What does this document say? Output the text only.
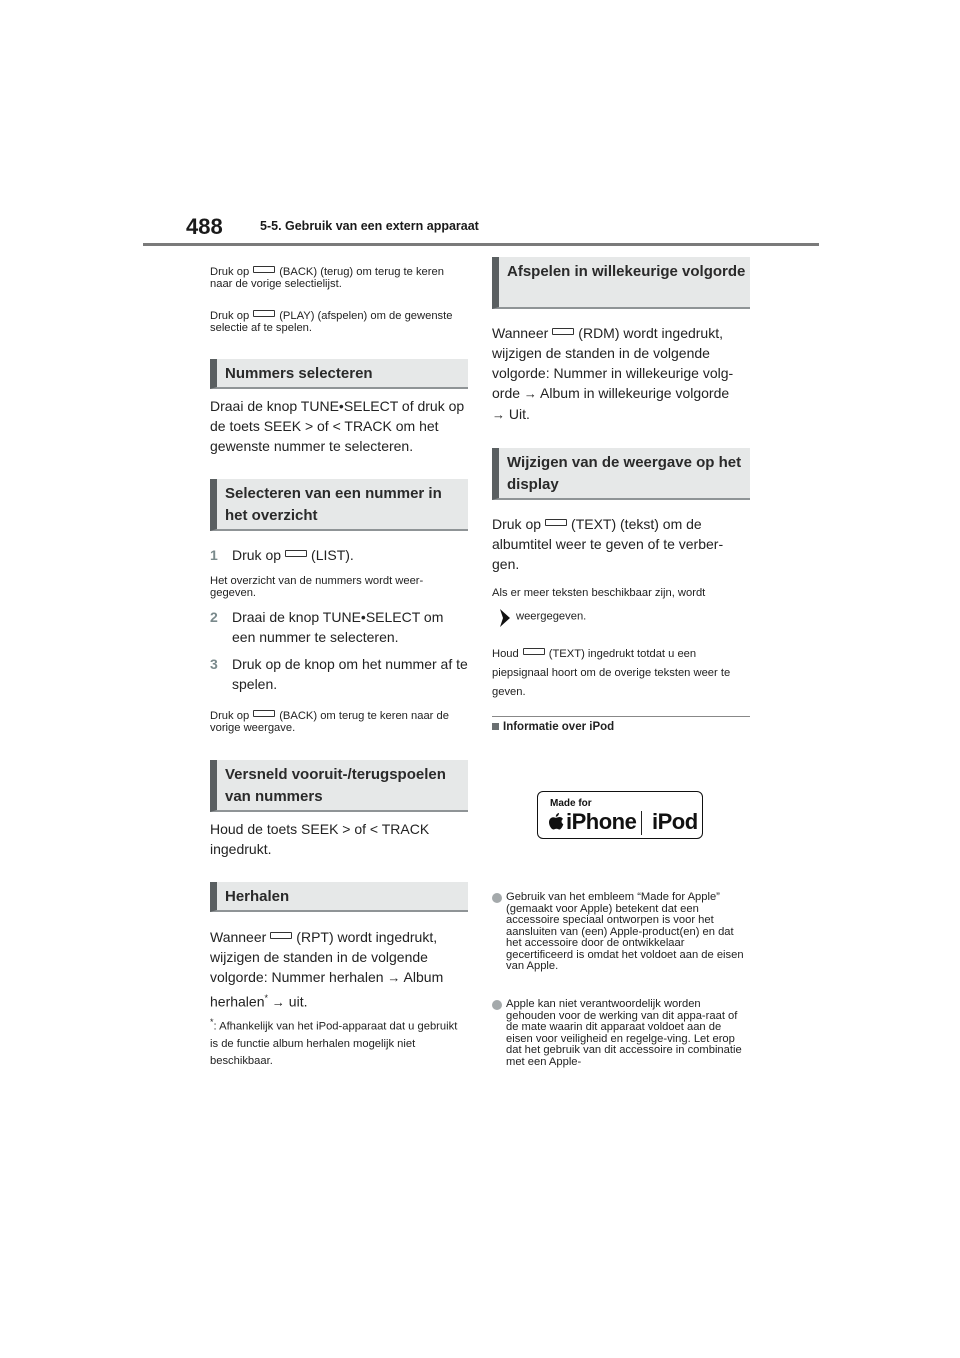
488	5-5. Gebruik van een extern apparaat
Druk op	(BACK) (terug) om terug te keren naar de vorige selectielijst.
Druk op	(PLAY) (afspelen) om de gewenste selectie af te spelen.
Nummers selecteren
Draai de knop TUNE•SELECT of druk op de toets SEEK > of < TRACK om het gewenste nummer te selecteren.
Selecteren van een nummer in het overzicht
1	Druk op (LIST).
Het overzicht van de nummers wordt weer-gegeven.
2	Draai de knop TUNE•SELECT om een nummer te selecteren.
3	Druk op de knop om het nummer af te spelen.
Druk op	(BACK) om terug te keren naar de vorige weergave.
Versneld vooruit-/terugspoelen van nummers
Houd de toets SEEK > of < TRACK ingedrukt.
Herhalen
Wanneer (RPT) wordt ingedrukt, wijzigen de standen in de volgende volgorde: Nummer herhalen → Album herhalen* → uit.
*: Afhankelijk van het iPod-apparaat dat u gebruikt is de functie album herhalen mogelijk niet beschikbaar.
Afspelen in willekeurige volgorde
Wanneer (RDM) wordt ingedrukt, wijzigen de standen in de volgende volgorde: Nummer in willekeurige volg-orde → Album in willekeurige volgorde
→ Uit.
Wijzigen van de weergave op het display
Druk op (TEXT) (tekst) om de albumtitel weer te geven of te verber-gen.
Als er meer teksten beschikbaar zijn, wordt
weergegeven.
Houd	(TEXT) ingedrukt totdat u een piepsignaal hoort om de overige teksten weer te geven.
Informatie over iPod
Made for
iPhone iPod
Gebruik van het embleem “Made for Apple” (gemaakt voor Apple) betekent dat een accessoire speciaal ontworpen is voor het aansluiten van (een) Apple-product(en) en dat het accessoire door de ontwikkelaar gecertificeerd is omdat het voldoet aan de eisen van Apple.
Apple kan niet verantwoordelijk worden gehouden voor de werking van dit appa-raat of de mate waarin dit apparaat voldoet aan de eisen voor veiligheid en regelge-ving. Let erop dat het gebruik van dit accessoire in combinatie met een Apple-
